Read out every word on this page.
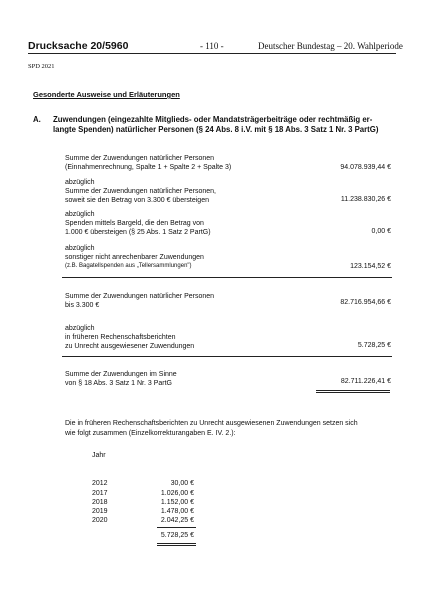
Drucksache 20/5960	- 110 -	Deutscher Bundestag – 20. Wahlperiode
SPD 2021
Gesonderte Ausweise und Erläuterungen
A. Zuwendungen (eingezahlte Mitglieds- oder Mandatsträgerbeiträge oder rechtmäßig er-
langte Spenden) natürlicher Personen (§ 24 Abs. 8 i.V. mit § 18 Abs. 3 Satz 1 Nr. 3 PartG)
Summe der Zuwendungen natürlicher Personen
(Einnahmenrechnung, Spalte 1 + Spalte 2 + Spalte 3)	94.078.939,44 €
abzüglich
Summe der Zuwendungen natürlicher Personen,
soweit sie den Betrag von 3.300 € übersteigen	11.238.830,26 €
abzüglich
Spenden mittels Bargeld, die den Betrag von
1.000 € übersteigen (§ 25 Abs. 1 Satz 2 PartG)	0,00 €
abzüglich
sonstiger nicht anrechenbarer Zuwendungen
(z.B. Bagatellspenden aus „Tellersammlungen")	123.154,52 €
Summe der Zuwendungen natürlicher Personen
bis 3.300 €	82.716.954,66 €
abzüglich
in früheren Rechenschaftsberichten
zu Unrecht ausgewiesener Zuwendungen	5.728,25 €
Summe der Zuwendungen im Sinne
von § 18 Abs. 3 Satz 1 Nr. 3 PartG	82.711.226,41 €
Die in früheren Rechenschaftsberichten zu Unrecht ausgewiesenen Zuwendungen setzen sich
wie folgt zusammen (Einzelkorrekturangaben E. IV. 2.):
Jahr
2012	30,00 €
2017	1.026,00 €
2018	1.152,00 €
2019	1.478,00 €
2020	2.042,25 €
5.728,25 €
